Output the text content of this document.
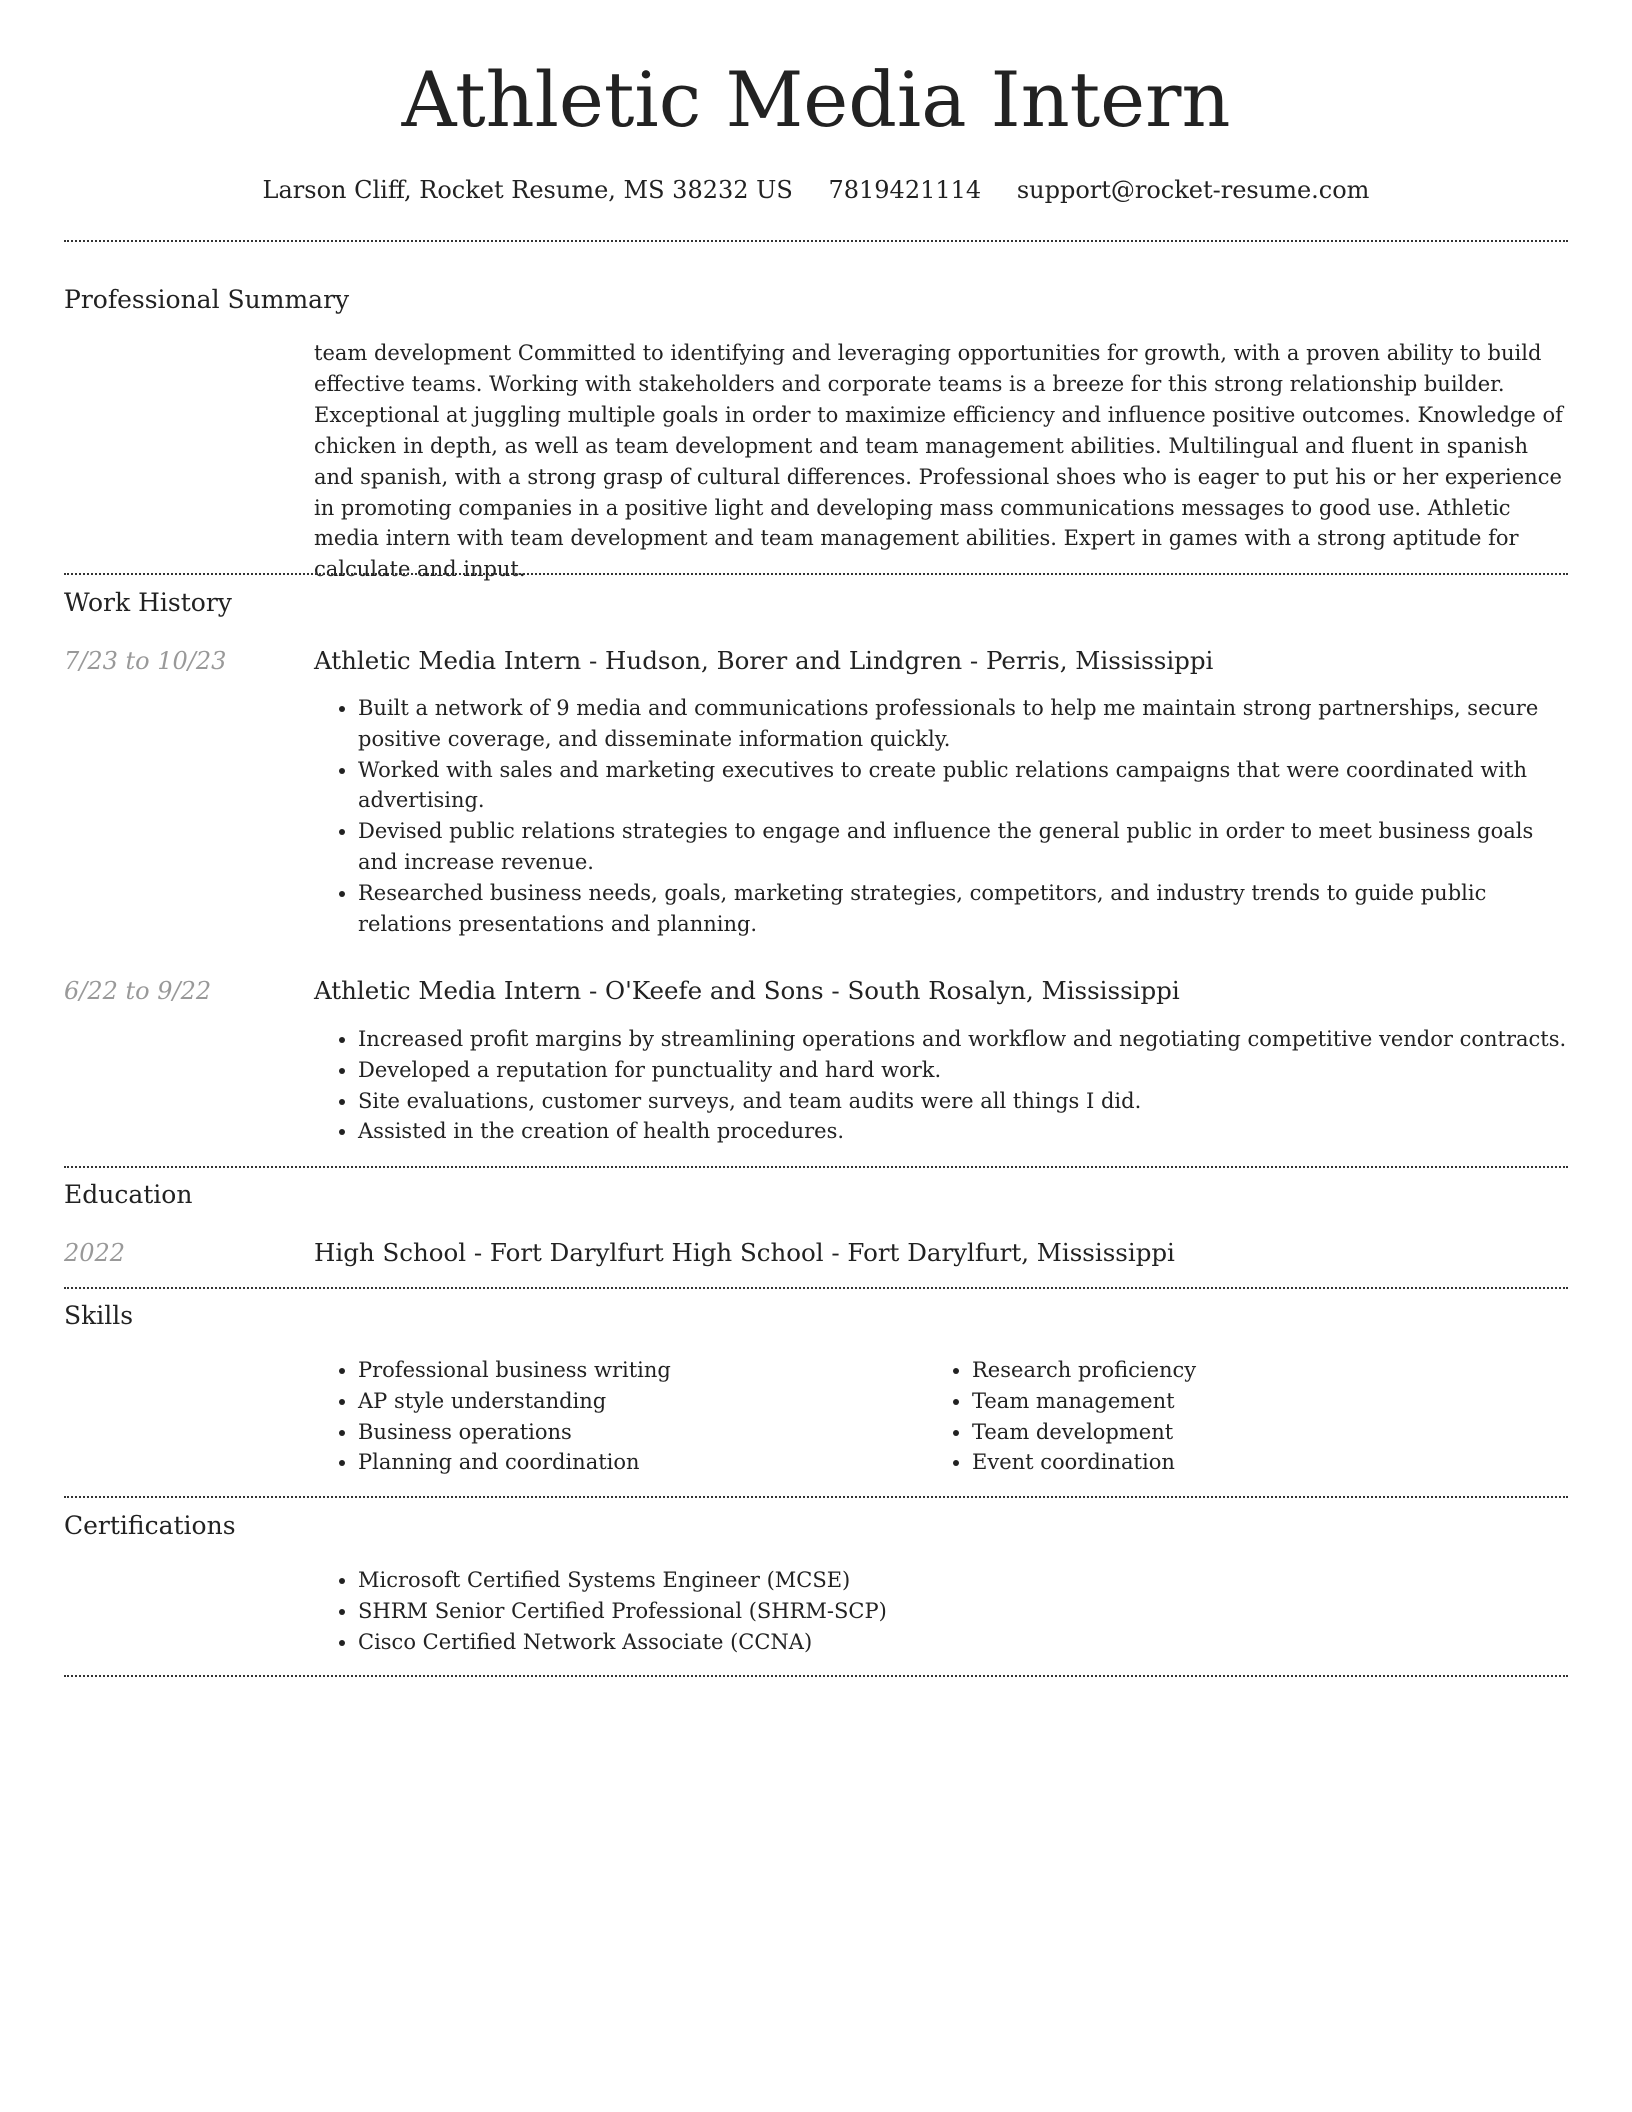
Athletic Media Intern
Larson Cliff, Rocket Resume, MS 38232 US 7819421114 support@rocket-resume.com
Professional Summary
team development Committed to identifying and leveraging opportunities for growth, with a proven ability to build effective teams. Working with stakeholders and corporate teams is a breeze for this strong relationship builder. Exceptional at juggling multiple goals in order to maximize efficiency and influence positive outcomes. Knowledge of chicken in depth, as well as team development and team management abilities. Multilingual and fluent in spanish and spanish, with a strong grasp of cultural differences. Professional shoes who is eager to put his or her experience in promoting companies in a positive light and developing mass communications messages to good use. Athletic media intern with team development and team management abilities. Expert in games with a strong aptitude for calculate and input.
Work History
7/23 to 10/23	Athletic Media Intern - Hudson, Borer and Lindgren - Perris, Mississippi
• Built a network of 9 media and communications professionals to help me maintain strong partnerships, secure positive coverage, and disseminate information quickly.
• Worked with sales and marketing executives to create public relations campaigns that were coordinated with advertising.
• Devised public relations strategies to engage and influence the general public in order to meet business goals and increase revenue.
• Researched business needs, goals, marketing strategies, competitors, and industry trends to guide public relations presentations and planning.
6/22 to 9/22	Athletic Media Intern - O'Keefe and Sons - South Rosalyn, Mississippi
• Increased profit margins by streamlining operations and workflow and negotiating competitive vendor contracts.
• Developed a reputation for punctuality and hard work.
• Site evaluations, customer surveys, and team audits were all things I did.
• Assisted in the creation of health procedures.
Education
2022	High School - Fort Darylfurt High School - Fort Darylfurt, Mississippi
Skills
• Professional business writing
• AP style understanding
• Business operations
• Planning and coordination
• Research proficiency
• Team management
• Team development
• Event coordination
Certifications
• Microsoft Certified Systems Engineer (MCSE)
• SHRM Senior Certified Professional (SHRM-SCP)
• Cisco Certified Network Associate (CCNA)
